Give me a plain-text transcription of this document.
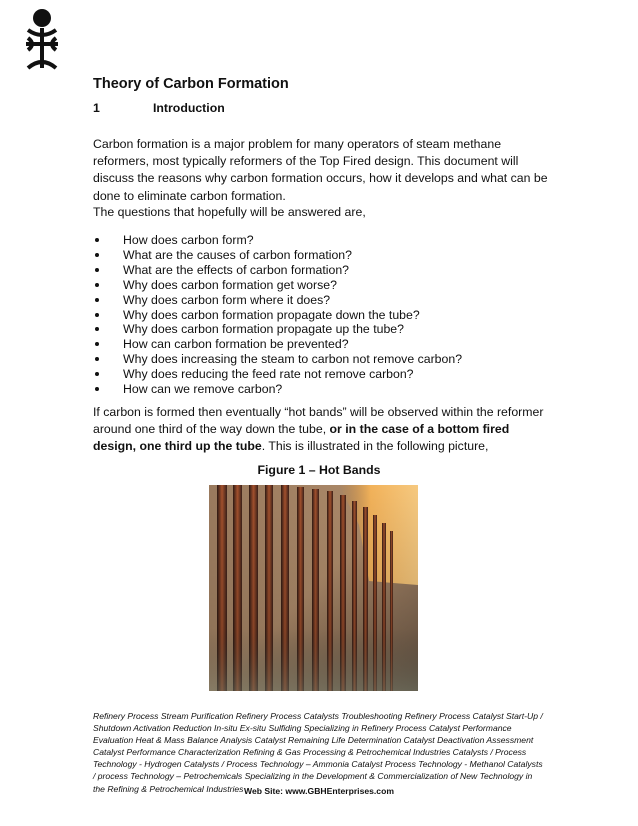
Theory of Carbon Formation
1	Introduction

Carbon formation is a major problem for many operators of steam methane reformers, most typically reformers of the Top Fired design. This document will discuss the reasons why carbon formation occurs, how it develops and what can be done to eliminate carbon formation.

The questions that hopefully will be answered are,

How does carbon form?
What are the causes of carbon formation?
What are the effects of carbon formation?
Why does carbon formation get worse?
Why does carbon form where it does?
Why does carbon formation propagate down the tube?
Why does carbon formation propagate up the tube?
How can carbon formation be prevented?
Why does increasing the steam to carbon not remove carbon?
Why does reducing the feed rate not remove carbon?
How can we remove carbon?

If carbon is formed then eventually “hot bands” will be observed within the reformer around one third of the way down the tube, or in the case of a bottom fired design, one third up the tube. This is illustrated in the following picture,

Figure 1 – Hot Bands

Refinery Process Stream Purification Refinery Process Catalysts Troubleshooting Refinery Process Catalyst Start-Up / Shutdown Activation Reduction In-situ Ex-situ Sulfiding Specializing in Refinery Process Catalyst Performance Evaluation Heat & Mass Balance Analysis Catalyst Remaining Life Determination Catalyst Deactivation Assessment Catalyst Performance Characterization Refining & Gas Processing & Petrochemical Industries Catalysts / Process Technology - Hydrogen Catalysts / Process Technology – Ammonia Catalyst Process Technology - Methanol Catalysts / process Technology – Petrochemicals Specializing in the Development & Commercialization of New Technology in the Refining & Petrochemical Industries Web Site: www.GBHEnterprises.com
